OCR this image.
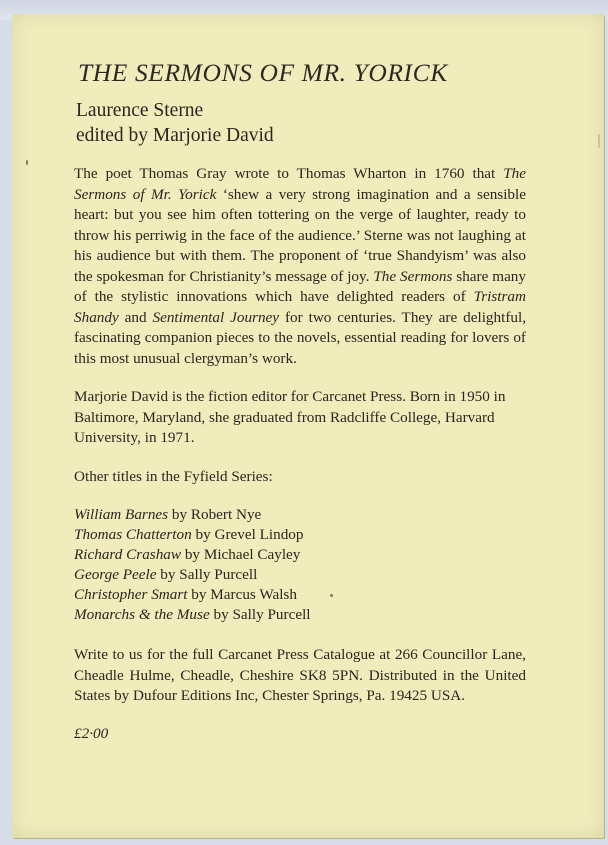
THE SERMONS OF MR. YORICK
Laurence Sterne
edited by Marjorie David

The poet Thomas Gray wrote to Thomas Wharton in 1760 that The Sermons of Mr. Yorick ‘shew a very strong imagination and a sensible heart: but you see him often tottering on the verge of laughter, ready to throw his perriwig in the face of the audience.’ Sterne was not laughing at his audience but with them. The proponent of ‘true Shandyism’ was also the spokesman for Christianity’s message of joy. The Sermons share many of the stylistic innovations which have delighted readers of Tristram Shandy and Sentimental Journey for two centuries. They are delightful, fascinating companion pieces to the novels, essential reading for lovers of this most unusual clergyman’s work.

Marjorie David is the fiction editor for Carcanet Press. Born in 1950 in Baltimore, Maryland, she graduated from Radcliffe College, Harvard University, in 1971.

Other titles in the Fyfield Series:
William Barnes by Robert Nye
Thomas Chatterton by Grevel Lindop
Richard Crashaw by Michael Cayley
George Peele by Sally Purcell
Christopher Smart by Marcus Walsh
Monarchs & the Muse by Sally Purcell
Write to us for the full Carcanet Press Catalogue at 266 Councillor Lane, Cheadle Hulme, Cheadle, Cheshire SK8 5PN. Distributed in the United States by Dufour Editions Inc, Chester Springs, Pa. 19425 USA.
£2·00
